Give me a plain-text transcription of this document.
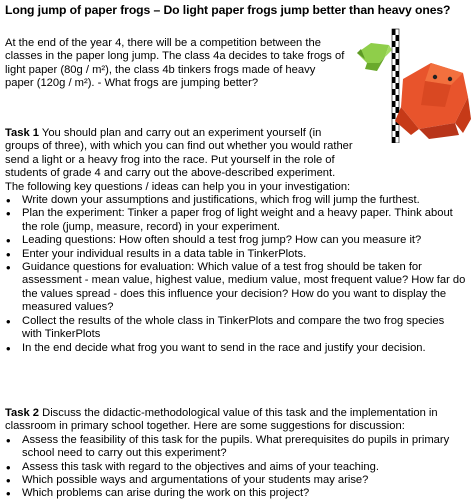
Long jump of paper frogs – Do light paper frogs jump better than heavy ones?

At the end of the year 4, there will be a competition between the classes in the paper long jump. The class 4a decides to take frogs of light paper (80g / m²), the class 4b tinkers frogs made of heavy paper (120g / m²). - What frogs are jumping better?

Task 1 You should plan and carry out an experiment yourself (in groups of three), with which you can find out whether you would rather send a light or a heavy frog into the race. Put yourself in the role of students of grade 4 and carry out the above-described experiment. The following key questions / ideas can help you in your investigation:

• Write down your assumptions and justifications, which frog will jump the furthest.
• Plan the experiment: Tinker a paper frog of light weight and a heavy paper. Think about the role (jump, measure, record) in your experiment.
• Leading questions: How often should a test frog jump? How can you measure it?
• Enter your individual results in a data table in TinkerPlots.
• Guidance questions for evaluation: Which value of a test frog should be taken for assessment - mean value, highest value, medium value, most frequent value? How far do the values spread - does this influence your decision? How do you want to display the measured values?
• Collect the results of the whole class in TinkerPlots and compare the two frog species with TinkerPlots
• In the end decide what frog you want to send in the race and justify your decision.

Task 2 Discuss the didactic-methodological value of this task and the implementation in classroom in primary school together. Here are some suggestions for discussion:

• Assess the feasibility of this task for the pupils. What prerequisites do pupils in primary school need to carry out this experiment?
• Assess this task with regard to the objectives and aims of your teaching.
• Which possible ways and argumentations of your students may arise?
• Which problems can arise during the work on this project?
